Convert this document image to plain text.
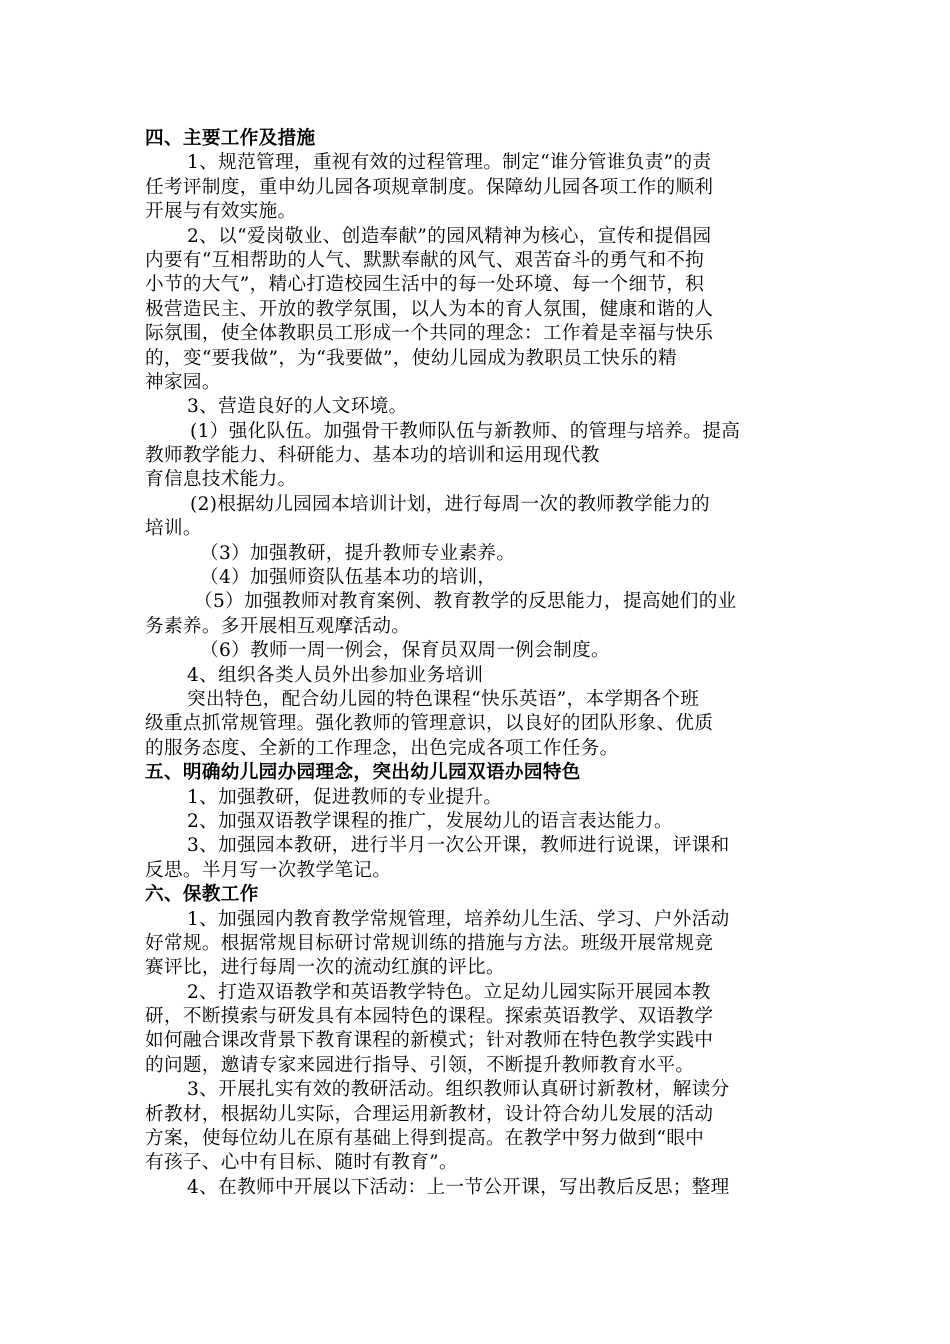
四、主要工作及措施
1、规范管理，重视有效的过程管理。制定“谁分管谁负责”的责
任考评制度，重申幼儿园各项规章制度。保障幼儿园各项工作的顺利
开展与有效实施。
2、以“爱岗敬业、创造奉献”的园风精神为核心，宣传和提倡园
内要有“互相帮助的人气、默默奉献的风气、艰苦奋斗的勇气和不拘
小节的大气”，精心打造校园生活中的每一处环境、每一个细节，积
极营造民主、开放的教学氛围，以人为本的育人氛围，健康和谐的人
际氛围，使全体教职员工形成一个共同的理念：工作着是幸福与快乐
的，变“要我做”，为“我要做”，使幼儿园成为教职员工快乐的精
神家园。
3、营造良好的人文环境。
(1）强化队伍。加强骨干教师队伍与新教师、的管理与培养。提高
教师教学能力、科研能力、基本功的培训和运用现代教
育信息技术能力。
(2)根据幼儿园园本培训计划，进行每周一次的教师教学能力的
培训。
（3）加强教研，提升教师专业素养。
（4）加强师资队伍基本功的培训，
（5）加强教师对教育案例、教育教学的反思能力，提高她们的业
务素养。多开展相互观摩活动。
（6）教师一周一例会，保育员双周一例会制度。
4、组织各类人员外出参加业务培训
突出特色，配合幼儿园的特色课程“快乐英语”，本学期各个班
级重点抓常规管理。强化教师的管理意识，以良好的团队形象、优质
的服务态度、全新的工作理念，出色完成各项工作任务。
五、明确幼儿园办园理念，突出幼儿园双语办园特色
1、加强教研，促进教师的专业提升。
2、加强双语教学课程的推广，发展幼儿的语言表达能力。
3、加强园本教研，进行半月一次公开课，教师进行说课，评课和
反思。半月写一次教学笔记。
六、保教工作
1、加强园内教育教学常规管理，培养幼儿生活、学习、户外活动
好常规。根据常规目标研讨常规训练的措施与方法。班级开展常规竞
赛评比，进行每周一次的流动红旗的评比。
2、打造双语教学和英语教学特色。立足幼儿园实际开展园本教
研，不断摸索与研发具有本园特色的课程。探索英语教学、双语教学
如何融合课改背景下教育课程的新模式；针对教师在特色教学实践中
的问题，邀请专家来园进行指导、引领，不断提升教师教育水平。
3、开展扎实有效的教研活动。组织教师认真研讨新教材，解读分
析教材，根据幼儿实际，合理运用新教材，设计符合幼儿发展的活动
方案，使每位幼儿在原有基础上得到提高。在教学中努力做到“眼中
有孩子、心中有目标、随时有教育”。
4、在教师中开展以下活动：上一节公开课，写出教后反思；整理
